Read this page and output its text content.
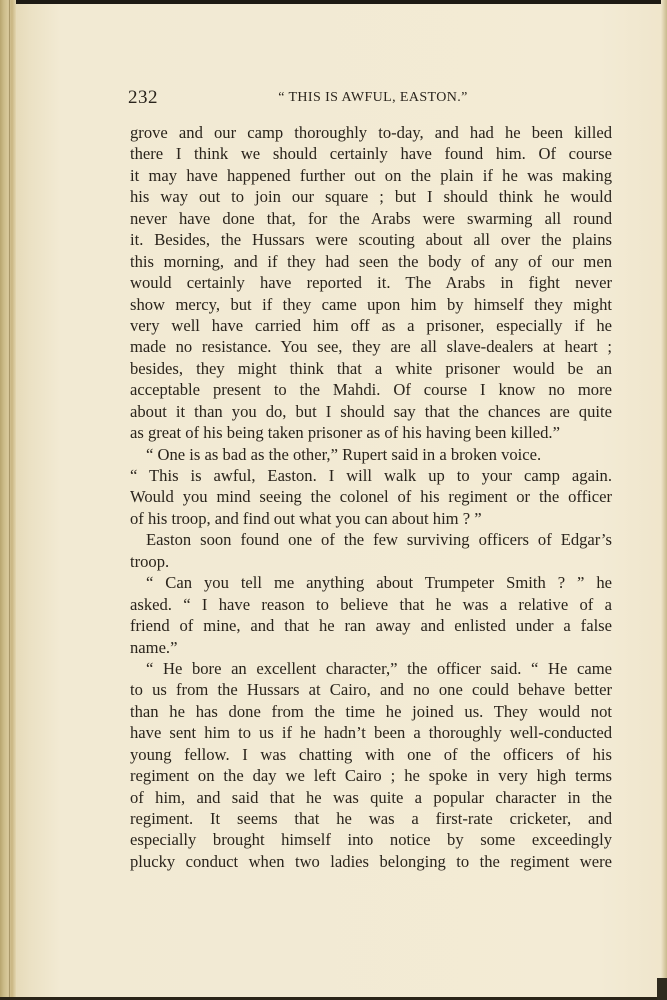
232	“ THIS IS AWFUL, EASTON.”
grove and our camp thoroughly to-day, and had he been killed
there I think we should certainly have found him. Of course
it may have happened further out on the plain if he was making
his way out to join our square ; but I should think he would
never have done that, for the Arabs were swarming all round
it. Besides, the Hussars were scouting about all over the plains
this morning, and if they had seen the body of any of our men
would certainly have reported it. The Arabs in fight never
show mercy, but if they came upon him by himself they might
very well have carried him off as a prisoner, especially if he
made no resistance. You see, they are all slave-dealers at heart ;
besides, they might think that a white prisoner would be an
acceptable present to the Mahdi. Of course I know no more
about it than you do, but I should say that the chances are quite
as great of his being taken prisoner as of his having been killed.”
“ One is as bad as the other,” Rupert said in a broken voice.
“ This is awful, Easton. I will walk up to your camp again.
Would you mind seeing the colonel of his regiment or the officer
of his troop, and find out what you can about him ? ”
Easton soon found one of the few surviving officers of Edgar’s
troop.
“ Can you tell me anything about Trumpeter Smith ? ” he
asked. “ I have reason to believe that he was a relative of a
friend of mine, and that he ran away and enlisted under a false
name.”
“ He bore an excellent character,” the officer said. “ He came
to us from the Hussars at Cairo, and no one could behave better
than he has done from the time he joined us. They would not
have sent him to us if he hadn’t been a thoroughly well-conducted
young fellow. I was chatting with one of the officers of his
regiment on the day we left Cairo ; he spoke in very high terms
of him, and said that he was quite a popular character in the
regiment. It seems that he was a first-rate cricketer, and
especially brought himself into notice by some exceedingly
plucky conduct when two ladies belonging to the regiment were
